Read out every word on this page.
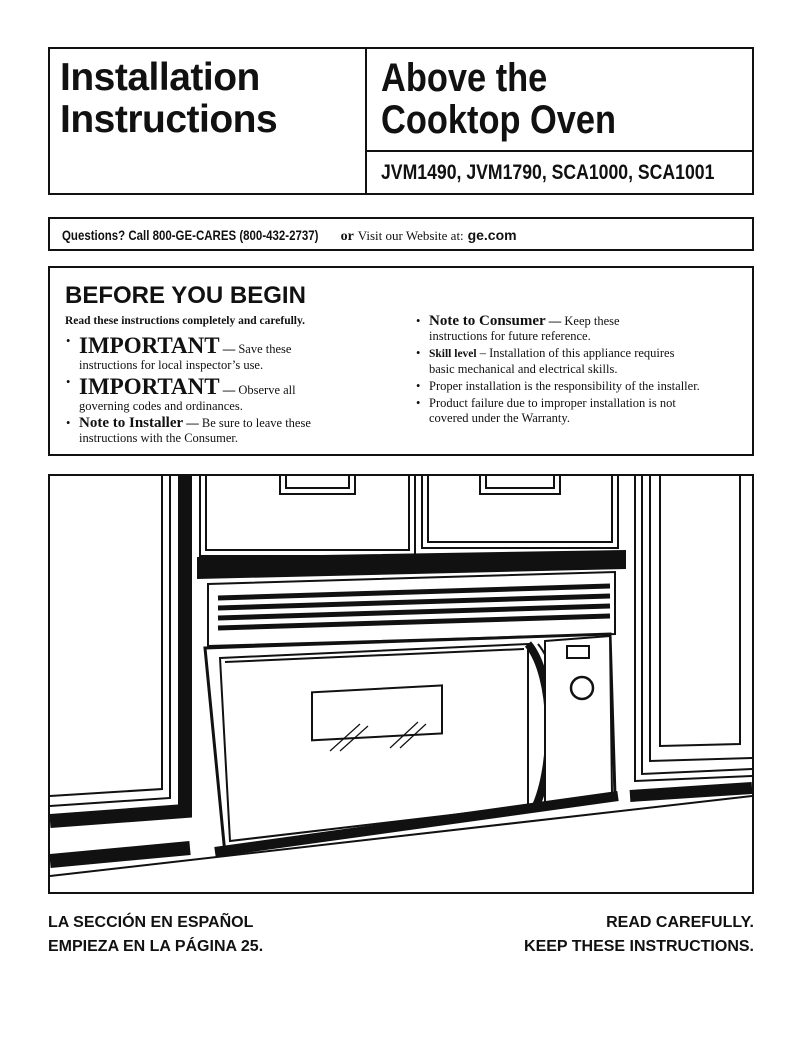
Installation
Instructions
Above the
Cooktop Oven
JVM1490, JVM1790, SCA1000, SCA1001
Questions? Call 800-GE-CARES (800-432-2737) or Visit our Website at: ge.com
BEFORE YOU BEGIN
Read these instructions completely and carefully.
• IMPORTANT — Save these
instructions for local inspector’s use.
• IMPORTANT — Observe all
governing codes and ordinances.
• Note to Installer — Be sure to leave these
instructions with the Consumer.
• Note to Consumer — Keep these
instructions for future reference.
• Skill level – Installation of this appliance requires
basic mechanical and electrical skills.
• Proper installation is the responsibility of the installer.
• Product failure due to improper installation is not
covered under the Warranty.
LA SECCIÓN EN ESPAÑOL
EMPIEZA EN LA PÁGINA 25.
READ CAREFULLY.
KEEP THESE INSTRUCTIONS.
